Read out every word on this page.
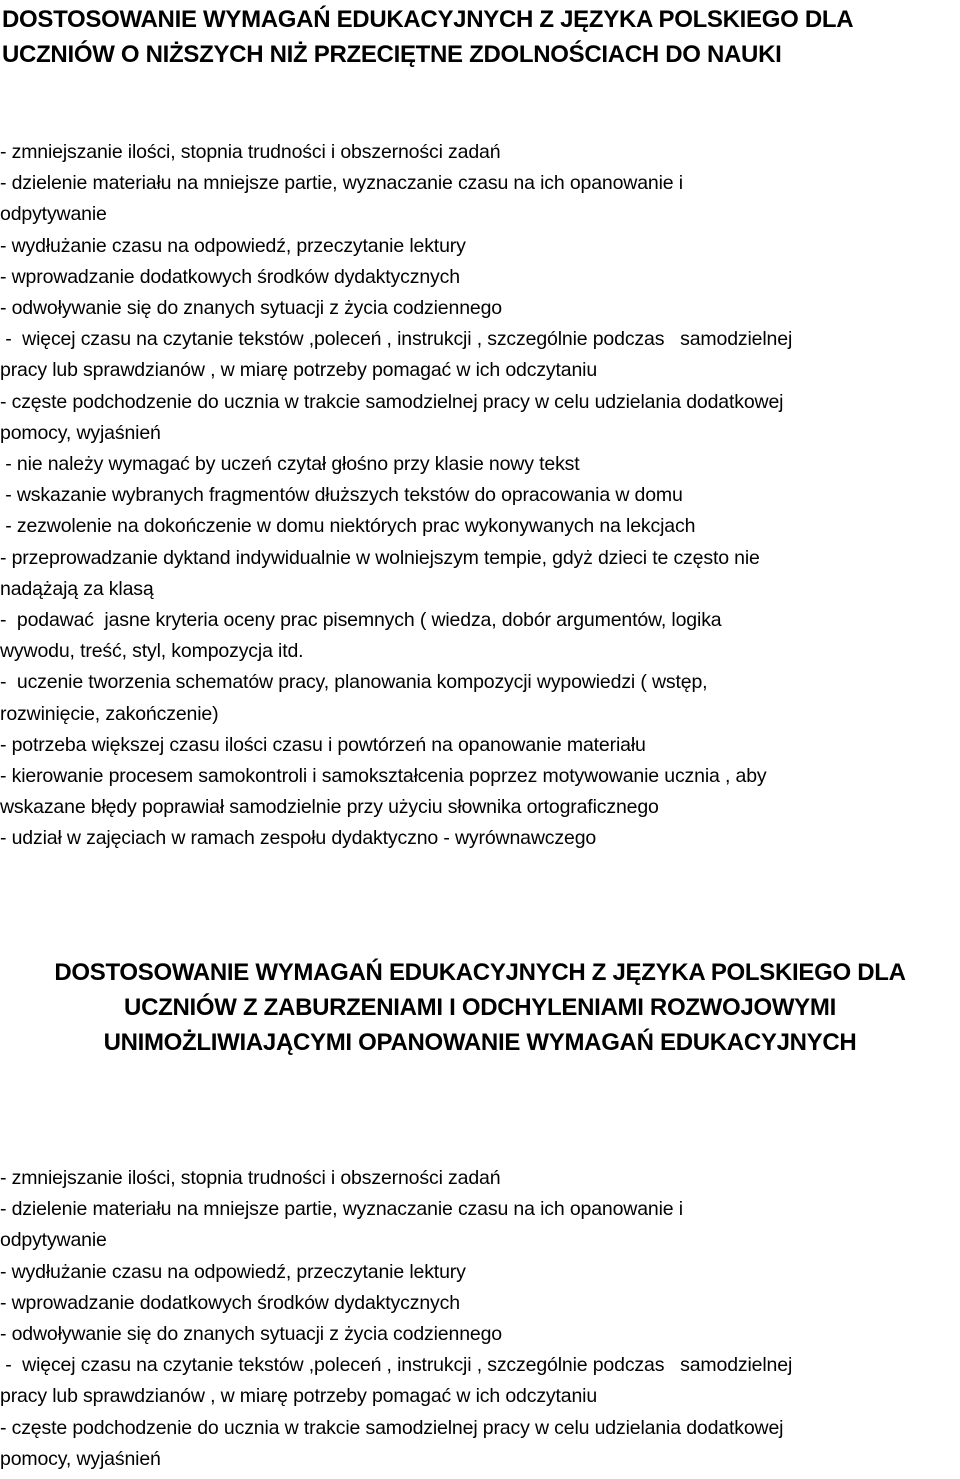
DOSTOSOWANIE WYMAGAŃ EDUKACYJNYCH Z JĘZYKA POLSKIEGO DLA
UCZNIÓW O NIŻSZYCH NIŻ PRZECIĘTNE ZDOLNOŚCIACH DO NAUKI
- zmniejszanie ilości, stopnia trudności i obszerności zadań
- dzielenie materiału na mniejsze partie, wyznaczanie czasu na ich opanowanie i
odpytywanie
- wydłużanie czasu na odpowiedź, przeczytanie lektury
- wprowadzanie dodatkowych środków dydaktycznych
- odwoływanie się do znanych sytuacji z życia codziennego
-  więcej czasu na czytanie tekstów ,poleceń , instrukcji , szczególnie podczas   samodzielnej
pracy lub sprawdzianów , w miarę potrzeby pomagać w ich odczytaniu
- częste podchodzenie do ucznia w trakcie samodzielnej pracy w celu udzielania dodatkowej
pomocy, wyjaśnień
- nie należy wymagać by uczeń czytał głośno przy klasie nowy tekst
- wskazanie wybranych fragmentów dłuższych tekstów do opracowania w domu
- zezwolenie na dokończenie w domu niektórych prac wykonywanych na lekcjach
- przeprowadzanie dyktand indywidualnie w wolniejszym tempie, gdyż dzieci te często nie
nadążają za klasą
-  podawać  jasne kryteria oceny prac pisemnych ( wiedza, dobór argumentów, logika
wywodu, treść, styl, kompozycja itd.
-  uczenie tworzenia schematów pracy, planowania kompozycji wypowiedzi ( wstęp,
rozwinięcie, zakończenie)
- potrzeba większej czasu ilości czasu i powtórzeń na opanowanie materiału
- kierowanie procesem samokontroli i samokształcenia poprzez motywowanie ucznia , aby
wskazane błędy poprawiał samodzielnie przy użyciu słownika ortograficznego
- udział w zajęciach w ramach zespołu dydaktyczno - wyrównawczego
DOSTOSOWANIE WYMAGAŃ EDUKACYJNYCH Z JĘZYKA POLSKIEGO DLA
UCZNIÓW Z ZABURZENIAMI I ODCHYLENIAMI ROZWOJOWYMI
UNIMOŻLIWIAJĄCYMI OPANOWANIE WYMAGAŃ EDUKACYJNYCH
- zmniejszanie ilości, stopnia trudności i obszerności zadań
- dzielenie materiału na mniejsze partie, wyznaczanie czasu na ich opanowanie i
odpytywanie
- wydłużanie czasu na odpowiedź, przeczytanie lektury
- wprowadzanie dodatkowych środków dydaktycznych
- odwoływanie się do znanych sytuacji z życia codziennego
-  więcej czasu na czytanie tekstów ,poleceń , instrukcji , szczególnie podczas   samodzielnej
pracy lub sprawdzianów , w miarę potrzeby pomagać w ich odczytaniu
- częste podchodzenie do ucznia w trakcie samodzielnej pracy w celu udzielania dodatkowej
pomocy, wyjaśnień
